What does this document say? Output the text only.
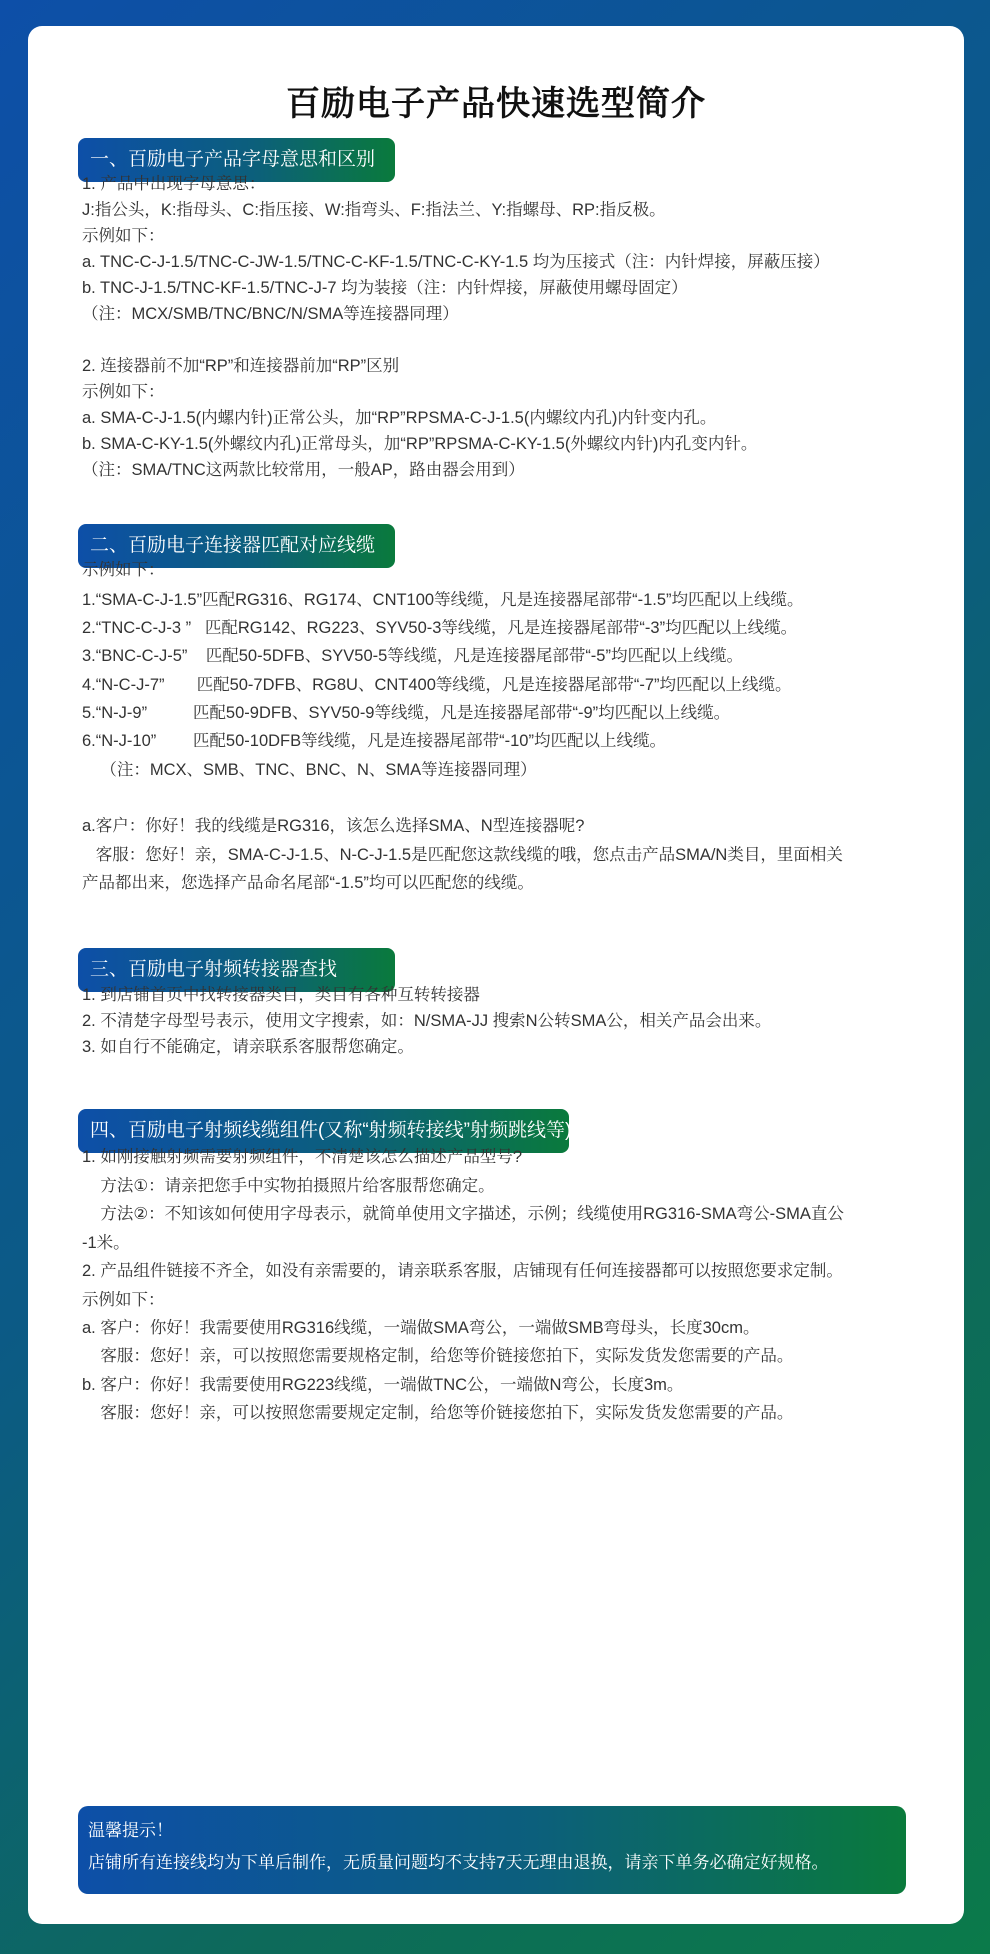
百励电子产品快速选型简介
一、百励电子产品字母意思和区别
二、百励电子连接器匹配对应线缆
三、百励电子射频转接器查找
四、百励电子射频线缆组件(又称“射频转接线”射频跳线等)
1. 产品中出现字母意思：
J:指公头，K:指母头、C:指压接、W:指弯头、F:指法兰、Y:指螺母、RP:指反极。
示例如下：
a. TNC-C-J-1.5/TNC-C-JW-1.5/TNC-C-KF-1.5/TNC-C-KY-1.5 均为压接式（注：内针焊接，屏蔽压接）
b. TNC-J-1.5/TNC-KF-1.5/TNC-J-7 均为装接（注：内针焊接，屏蔽使用螺母固定）
（注：MCX/SMB/TNC/BNC/N/SMA等连接器同理）
2. 连接器前不加“RP”和连接器前加“RP”区别
示例如下：
a. SMA-C-J-1.5(内螺内针)正常公头，加“RP”RPSMA-C-J-1.5(内螺纹内孔)内针变内孔。
b. SMA-C-KY-1.5(外螺纹内孔)正常母头，加“RP”RPSMA-C-KY-1.5(外螺纹内针)内孔变内针。
（注：SMA/TNC这两款比较常用，一般AP，路由器会用到）
示例如下：
1.“SMA-C-J-1.5”匹配RG316、RG174、CNT100等线缆，凡是连接器尾部带“-1.5”均匹配以上线缆。
2.“TNC-C-J-3 ”   匹配RG142、RG223、SYV50-3等线缆，凡是连接器尾部带“-3”均匹配以上线缆。
3.“BNC-C-J-5”    匹配50-5DFB、SYV50-5等线缆，凡是连接器尾部带“-5”均匹配以上线缆。
4.“N-C-J-7”       匹配50-7DFB、RG8U、CNT400等线缆，凡是连接器尾部带“-7”均匹配以上线缆。
5.“N-J-9”          匹配50-9DFB、SYV50-9等线缆，凡是连接器尾部带“-9”均匹配以上线缆。
6.“N-J-10”        匹配50-10DFB等线缆，凡是连接器尾部带“-10”均匹配以上线缆。
（注：MCX、SMB、TNC、BNC、N、SMA等连接器同理）
a.客户：你好！我的线缆是RG316，该怎么选择SMA、N型连接器呢?
客服：您好！亲，SMA-C-J-1.5、N-C-J-1.5是匹配您这款线缆的哦，您点击产品SMA/N类目，里面相关
产品都出来，您选择产品命名尾部“-1.5”均可以匹配您的线缆。
1. 到店铺首页中找转接器类目，类目有各种互转转接器
2. 不清楚字母型号表示，使用文字搜索，如：N/SMA-JJ 搜索N公转SMA公，相关产品会出来。
3. 如自行不能确定，请亲联系客服帮您确定。
1. 如刚接触射频需要射频组件，不清楚该怎么描述产品型号?
方法①：请亲把您手中实物拍摄照片给客服帮您确定。
方法②：不知该如何使用字母表示，就简单使用文字描述，示例；线缆使用RG316-SMA弯公-SMA直公
-1米。
2. 产品组件链接不齐全，如没有亲需要的，请亲联系客服，店铺现有任何连接器都可以按照您要求定制。
示例如下：
a. 客户：你好！我需要使用RG316线缆，一端做SMA弯公，一端做SMB弯母头，长度30cm。
客服：您好！亲，可以按照您需要规格定制，给您等价链接您拍下，实际发货发您需要的产品。
b. 客户：你好！我需要使用RG223线缆，一端做TNC公，一端做N弯公，长度3m。
客服：您好！亲，可以按照您需要规定定制，给您等价链接您拍下，实际发货发您需要的产品。
温馨提示！
店铺所有连接线均为下单后制作，无质量问题均不支持7天无理由退换，请亲下单务必确定好规格。
